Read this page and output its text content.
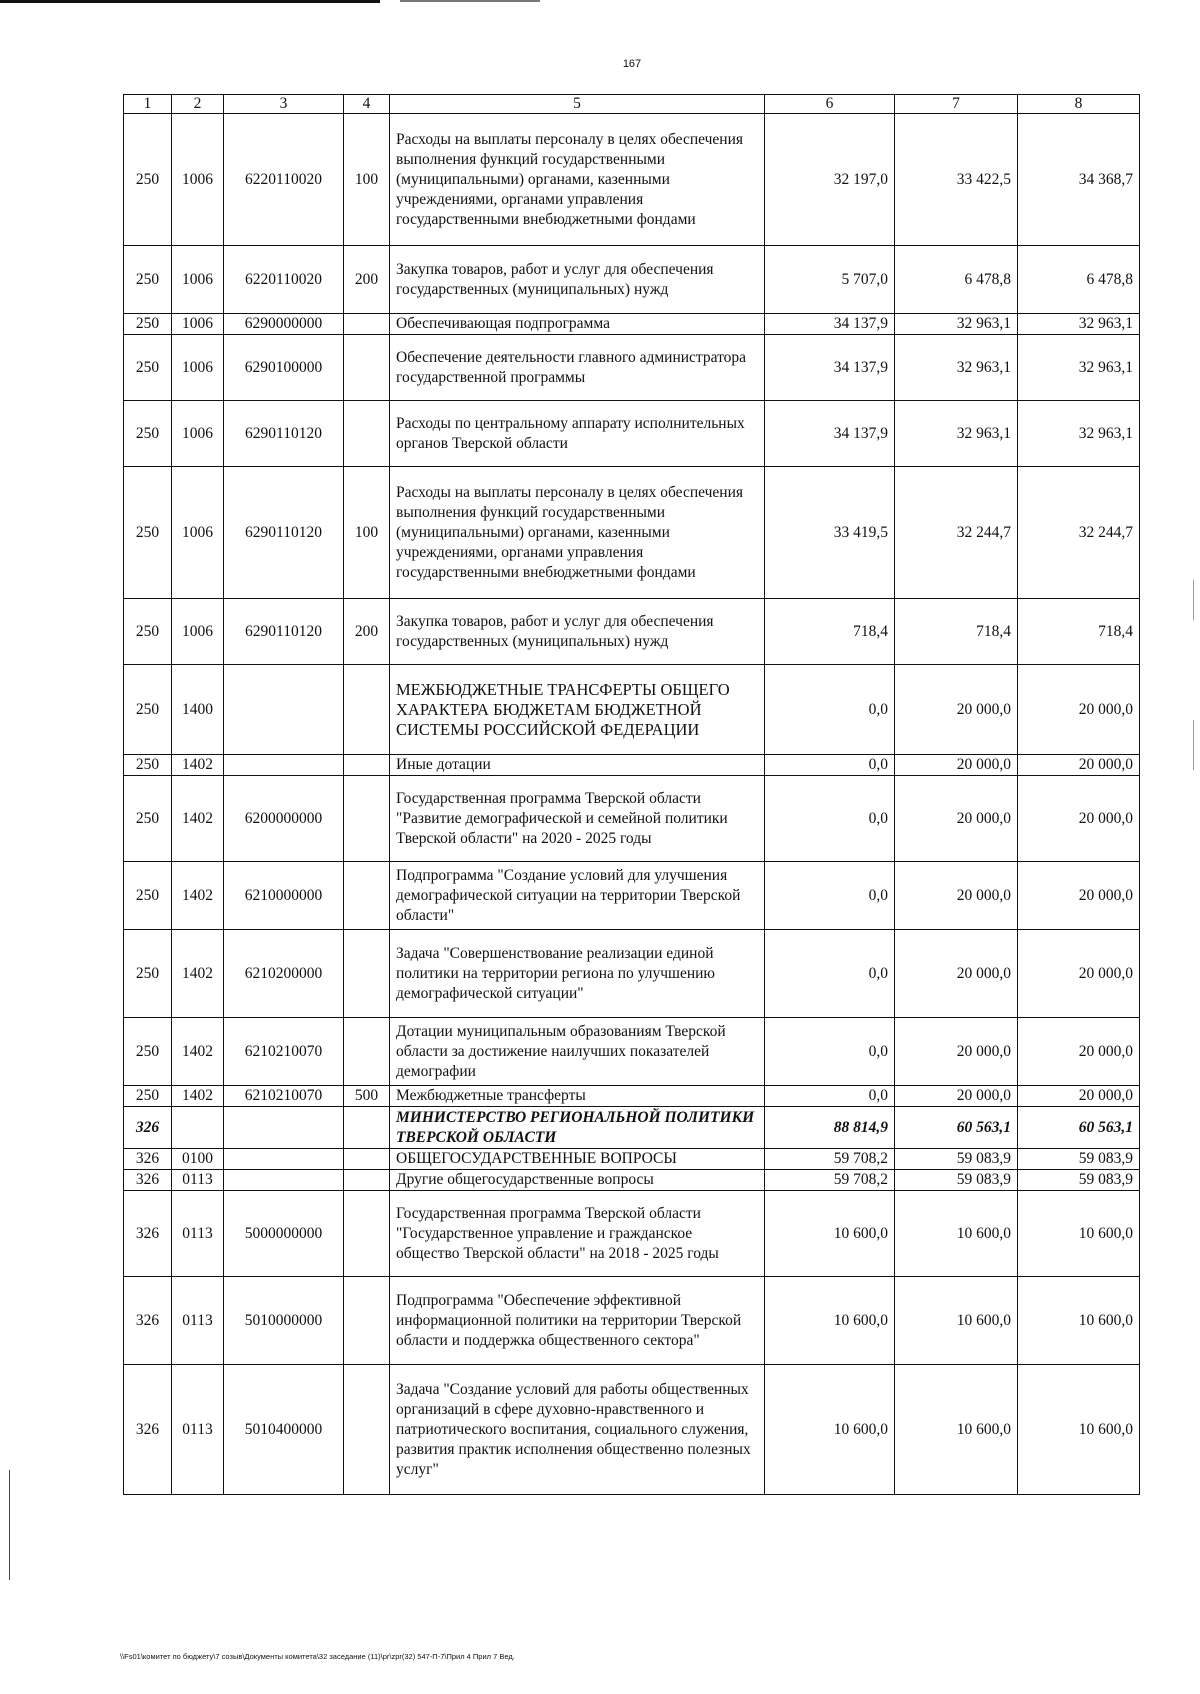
167
1	2	3	4	5	6	7	8
250	1006	6220110020	100	Расходы на выплаты персоналу в целях обеспечения выполнения функций государственными (муниципальными) органами, казенными учреждениями, органами управления государственными внебюджетными фондами	32 197,0	33 422,5	34 368,7
250	1006	6220110020	200	Закупка товаров, работ и услуг для обеспечения государственных (муниципальных) нужд	5 707,0	6 478,8	6 478,8
250	1006	6290000000		Обеспечивающая подпрограмма	34 137,9	32 963,1	32 963,1
250	1006	6290100000		Обеспечение деятельности главного администратора государственной программы	34 137,9	32 963,1	32 963,1
250	1006	6290110120		Расходы по центральному аппарату исполнительных органов Тверской области	34 137,9	32 963,1	32 963,1
250	1006	6290110120	100	Расходы на выплаты персоналу в целях обеспечения выполнения функций государственными (муниципальными) органами, казенными учреждениями, органами управления государственными внебюджетными фондами	33 419,5	32 244,7	32 244,7
250	1006	6290110120	200	Закупка товаров, работ и услуг для обеспечения государственных (муниципальных) нужд	718,4	718,4	718,4
250	1400			МЕЖБЮДЖЕТНЫЕ ТРАНСФЕРТЫ ОБЩЕГО ХАРАКТЕРА БЮДЖЕТАМ БЮДЖЕТНОЙ СИСТЕМЫ РОССИЙСКОЙ ФЕДЕРАЦИИ	0,0	20 000,0	20 000,0
250	1402			Иные дотации	0,0	20 000,0	20 000,0
250	1402	6200000000		Государственная программа Тверской области "Развитие демографической и семейной политики Тверской области" на 2020 - 2025 годы	0,0	20 000,0	20 000,0
250	1402	6210000000		Подпрограмма "Создание условий для улучшения демографической ситуации на территории Тверской области"	0,0	20 000,0	20 000,0
250	1402	6210200000		Задача "Совершенствование реализации единой политики на территории региона по улучшению демографической ситуации"	0,0	20 000,0	20 000,0
250	1402	6210210070		Дотации муниципальным образованиям Тверской области за достижение наилучших показателей демографии	0,0	20 000,0	20 000,0
250	1402	6210210070	500	Межбюджетные трансферты	0,0	20 000,0	20 000,0
326				МИНИСТЕРСТВО РЕГИОНАЛЬНОЙ ПОЛИТИКИ ТВЕРСКОЙ ОБЛАСТИ	88 814,9	60 563,1	60 563,1
326	0100			ОБЩЕГОСУДАРСТВЕННЫЕ ВОПРОСЫ	59 708,2	59 083,9	59 083,9
326	0113			Другие общегосударственные вопросы	59 708,2	59 083,9	59 083,9
326	0113	5000000000		Государственная программа Тверской области "Государственное управление и гражданское общество Тверской области" на 2018 - 2025 годы	10 600,0	10 600,0	10 600,0
326	0113	5010000000		Подпрограмма "Обеспечение эффективной информационной политики на территории Тверской области и поддержка общественного сектора"	10 600,0	10 600,0	10 600,0
326	0113	5010400000		Задача "Создание условий для работы общественных организаций в сфере духовно-нравственного и патриотического воспитания, социального служения, развития практик исполнения общественно полезных услуг"	10 600,0	10 600,0	10 600,0
\\Fs01\комитет по бюджету\7 созыв\Документы комитета\32 заседание (11)\pr\zpr(32) 547-П-7\Прил 4 Прил 7 Вед.
